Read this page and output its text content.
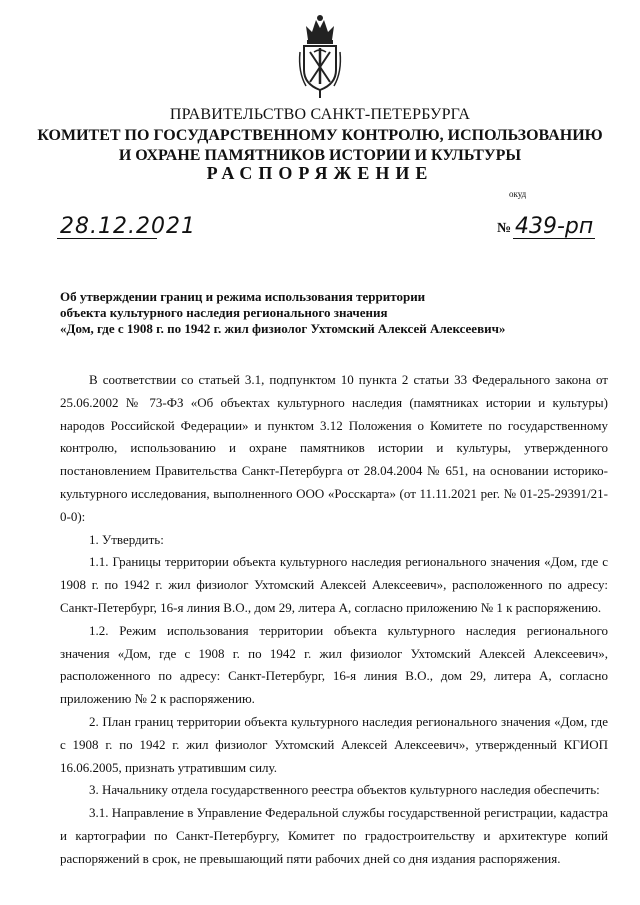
ПРАВИТЕЛЬСТВО САНКТ-ПЕТЕРБУРГА
КОМИТЕТ ПО ГОСУДАРСТВЕННОМУ КОНТРОЛЮ, ИСПОЛЬЗОВАНИЮ
И ОХРАНЕ ПАМЯТНИКОВ ИСТОРИИ И КУЛЬТУРЫ
РАСПОРЯЖЕНИЕ
окуд
28.12.2021	№ 439-рп
Об утверждении границ и режима использования территории
объекта культурного наследия регионального значения
«Дом, где с 1908 г. по 1942 г. жил физиолог Ухтомский Алексей Алексеевич»

В соответствии со статьей 3.1, подпунктом 10 пункта 2 статьи 33 Федерального закона от 25.06.2002 № 73-ФЗ «Об объектах культурного наследия (памятниках истории и культуры) народов Российской Федерации» и пунктом 3.12 Положения о Комитете по государственному контролю, использованию и охране памятников истории и культуры, утвержденного постановлением Правительства Санкт-Петербурга от 28.04.2004 № 651, на основании историко-культурного исследования, выполненного ООО «Росскарта» (от 11.11.2021 рег. № 01-25-29391/21-0-0):

1. Утвердить:

1.1. Границы территории объекта культурного наследия регионального значения «Дом, где с 1908 г. по 1942 г. жил физиолог Ухтомский Алексей Алексеевич», расположенного по адресу: Санкт-Петербург, 16-я линия В.О., дом 29, литера А, согласно приложению № 1 к распоряжению.

1.2. Режим использования территории объекта культурного наследия регионального значения «Дом, где с 1908 г. по 1942 г. жил физиолог Ухтомский Алексей Алексеевич», расположенного по адресу: Санкт-Петербург, 16-я линия В.О., дом 29, литера А, согласно приложению № 2 к распоряжению.

2. План границ территории объекта культурного наследия регионального значения «Дом, где с 1908 г. по 1942 г. жил физиолог Ухтомский Алексей Алексеевич», утвержденный КГИОП 16.06.2005, признать утратившим силу.

3. Начальнику отдела государственного реестра объектов культурного наследия обеспечить:

3.1. Направление в Управление Федеральной службы государственной регистрации, кадастра и картографии по Санкт-Петербургу, Комитет по градостроительству и архитектуре копий распоряжений в срок, не превышающий пяти рабочих дней со дня издания распоряжения.
